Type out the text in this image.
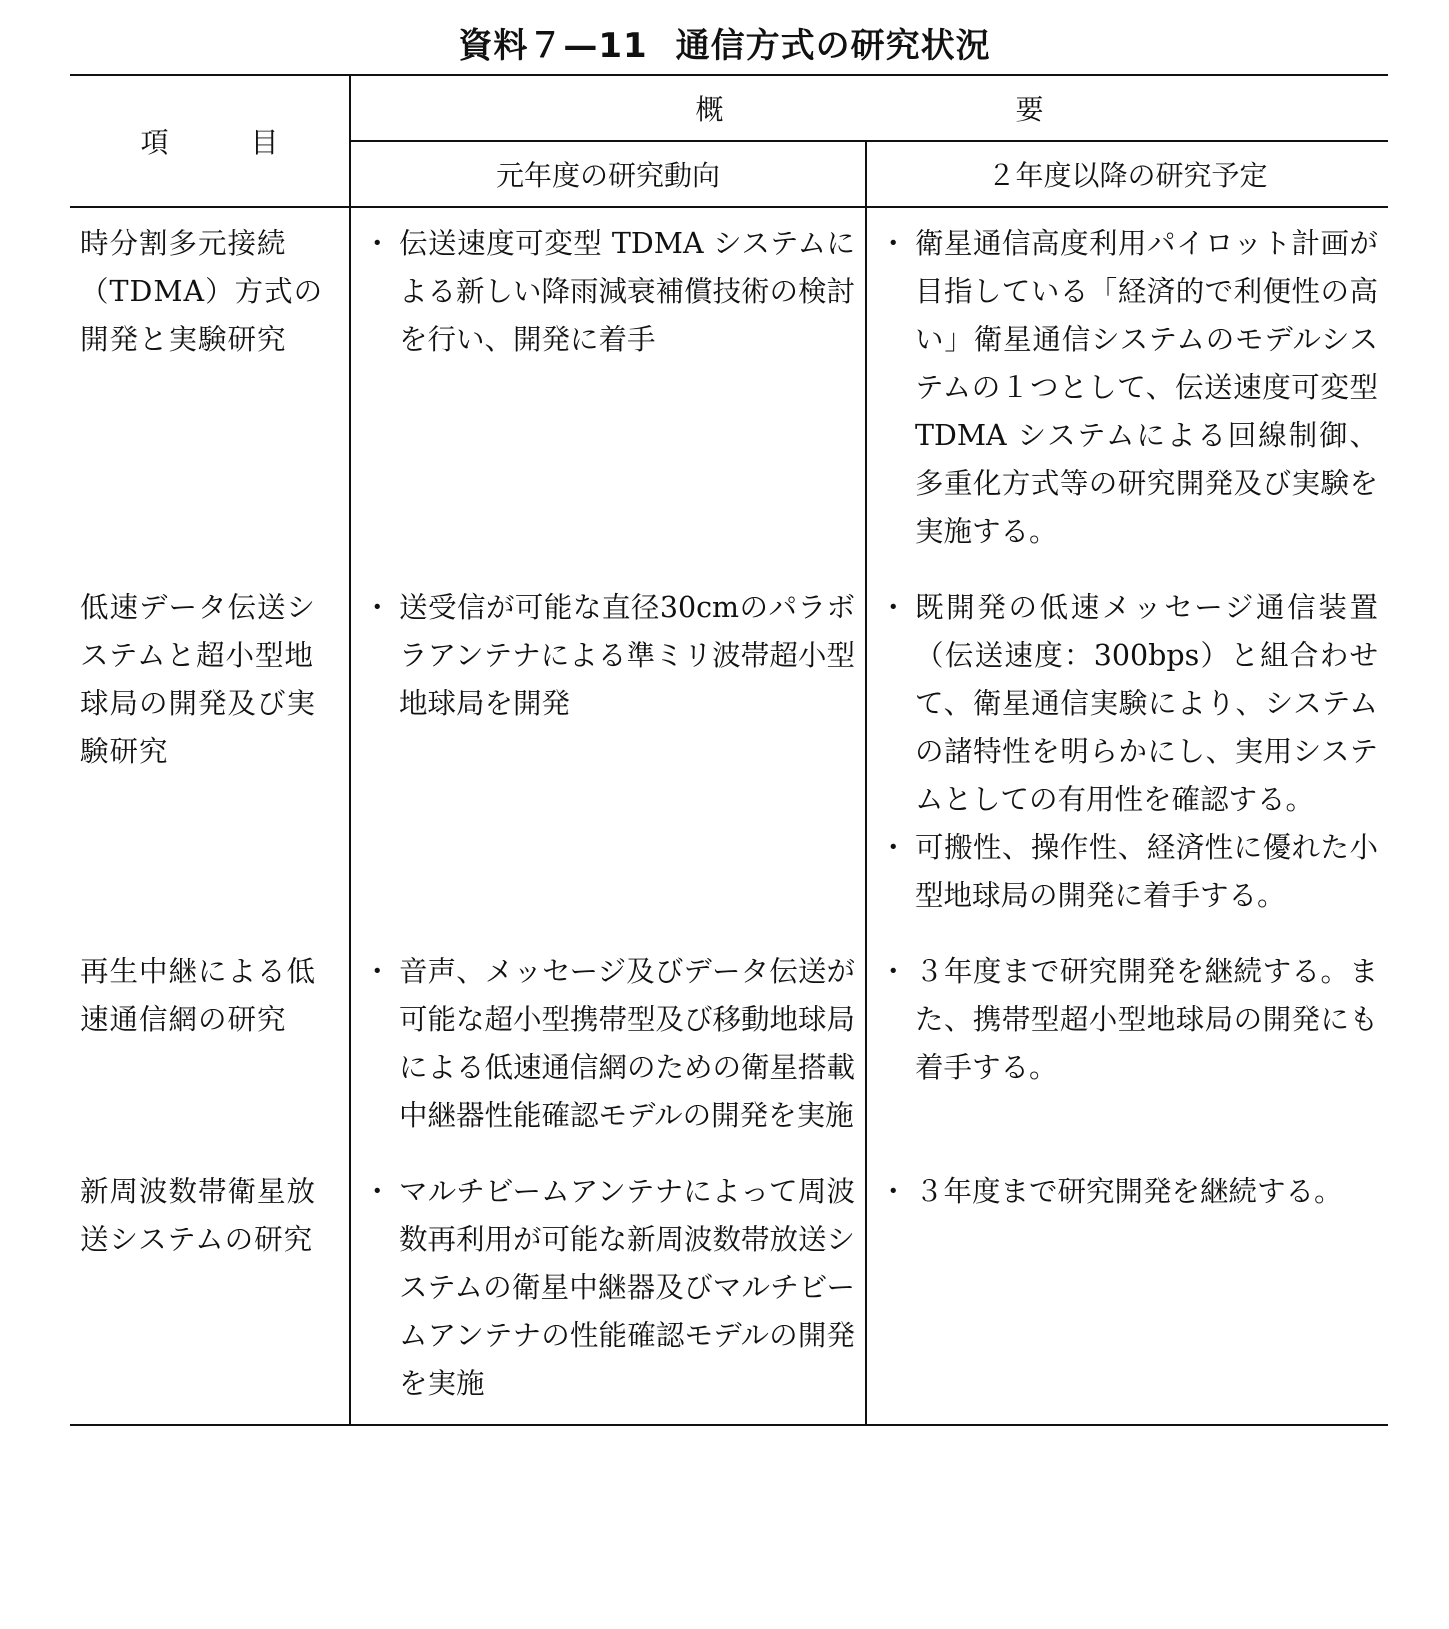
資料７—11 通信方式の研究状況
項 目	概 要	
	元年度の研究動向	２年度以降の研究予定
時分割多元接続（TDMA）方式の開発と実験研究	・ 伝送速度可変型 TDMA システムによる新しい降雨減衰補償技術の検討を行い、開発に着手	・ 衛星通信高度利用パイロット計画が目指している「経済的で利便性の高い」衛星通信システムのモデルシステムの１つとして、伝送速度可変型 TDMA システムによる回線制御、多重化方式等の研究開発及び実験を実施する。

低速データ伝送システムと超小型地球局の開発及び実験研究	・ 送受信が可能な直径30cmのパラボラアンテナによる準ミリ波帯超小型地球局を開発	・ 既開発の低速メッセージ通信装置（伝送速度：300bps）と組合わせて、衛星通信実験により、システムの諸特性を明らかにし、実用システムとしての有用性を確認する。
・ 可搬性、操作性、経済性に優れた小型地球局の開発に着手する。

再生中継による低速通信網の研究	・ 音声、メッセージ及びデータ伝送が可能な超小型携帯型及び移動地球局による低速通信網のための衛星搭載中継器性能確認モデルの開発を実施	・ ３年度まで研究開発を継続する。また、携帯型超小型地球局の開発にも着手する。

新周波数帯衛星放送システムの研究	・ マルチビームアンテナによって周波数再利用が可能な新周波数帯放送システムの衛星中継器及びマルチビームアンテナの性能確認モデルの開発を実施	・ ３年度まで研究開発を継続する。
